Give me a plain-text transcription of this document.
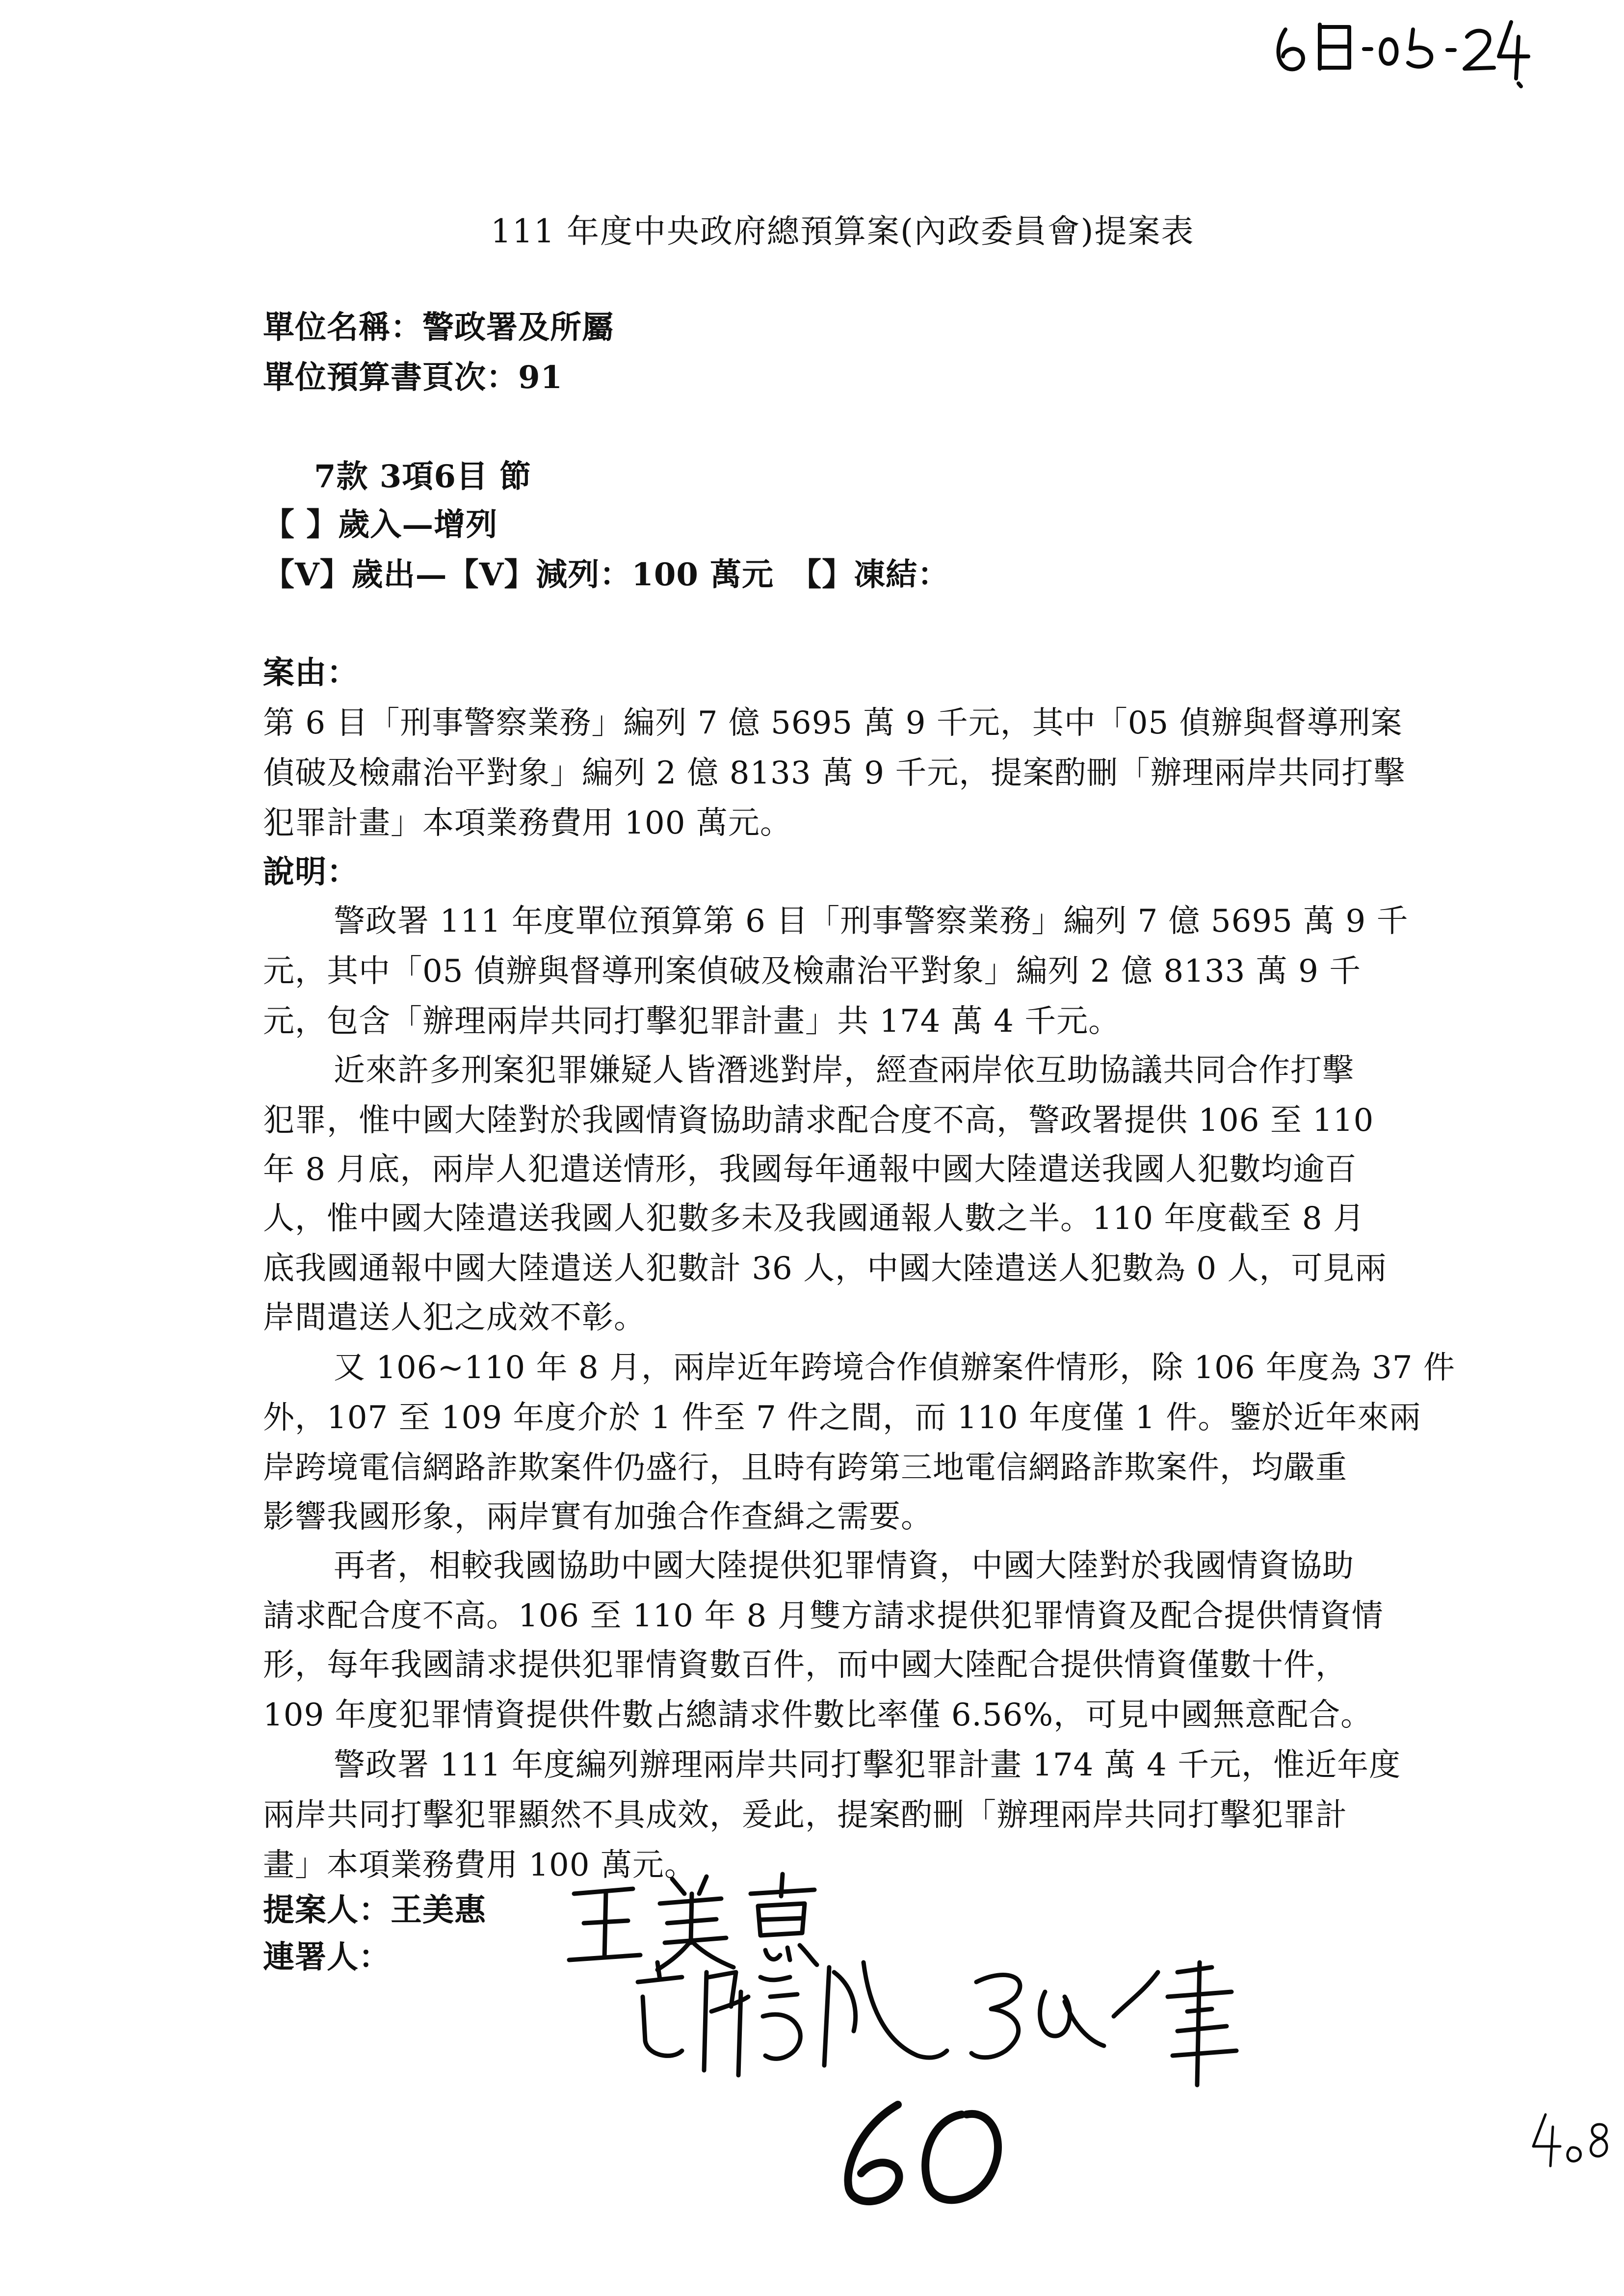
111 年度中央政府總預算案(內政委員會)提案表
單位名稱：警政署及所屬
單位預算書頁次：91
7款 3項6目 節
【 】歲入—增列
【V】歲出—【V】減列：100 萬元　【】凍結：
案由：
第 6 目「刑事警察業務」編列 7 億 5695 萬 9 千元，其中「05 偵辦與督導刑案
偵破及檢肅治平對象」編列 2 億 8133 萬 9 千元，提案酌刪「辦理兩岸共同打擊
犯罪計畫」本項業務費用 100 萬元。
說明：
警政署 111 年度單位預算第 6 目「刑事警察業務」編列 7 億 5695 萬 9 千
元，其中「05 偵辦與督導刑案偵破及檢肅治平對象」編列 2 億 8133 萬 9 千
元，包含「辦理兩岸共同打擊犯罪計畫」共 174 萬 4 千元。
近來許多刑案犯罪嫌疑人皆潛逃對岸，經查兩岸依互助協議共同合作打擊
犯罪，惟中國大陸對於我國情資協助請求配合度不高，警政署提供 106 至 110
年 8 月底，兩岸人犯遣送情形，我國每年通報中國大陸遣送我國人犯數均逾百
人，惟中國大陸遣送我國人犯數多未及我國通報人數之半。110 年度截至 8 月
底我國通報中國大陸遣送人犯數計 36 人，中國大陸遣送人犯數為 0 人，可見兩
岸間遣送人犯之成效不彰。
又 106~110 年 8 月，兩岸近年跨境合作偵辦案件情形，除 106 年度為 37 件
外，107 至 109 年度介於 1 件至 7 件之間，而 110 年度僅 1 件。鑒於近年來兩
岸跨境電信網路詐欺案件仍盛行，且時有跨第三地電信網路詐欺案件，均嚴重
影響我國形象，兩岸實有加強合作查緝之需要。
再者，相較我國協助中國大陸提供犯罪情資，中國大陸對於我國情資協助
請求配合度不高。106 至 110 年 8 月雙方請求提供犯罪情資及配合提供情資情
形，每年我國請求提供犯罪情資數百件，而中國大陸配合提供情資僅數十件，
109 年度犯罪情資提供件數占總請求件數比率僅 6.56%，可見中國無意配合。
警政署 111 年度編列辦理兩岸共同打擊犯罪計畫 174 萬 4 千元，惟近年度
兩岸共同打擊犯罪顯然不具成效，爰此，提案酌刪「辦理兩岸共同打擊犯罪計
畫」本項業務費用 100 萬元。
提案人：王美惠
連署人：
